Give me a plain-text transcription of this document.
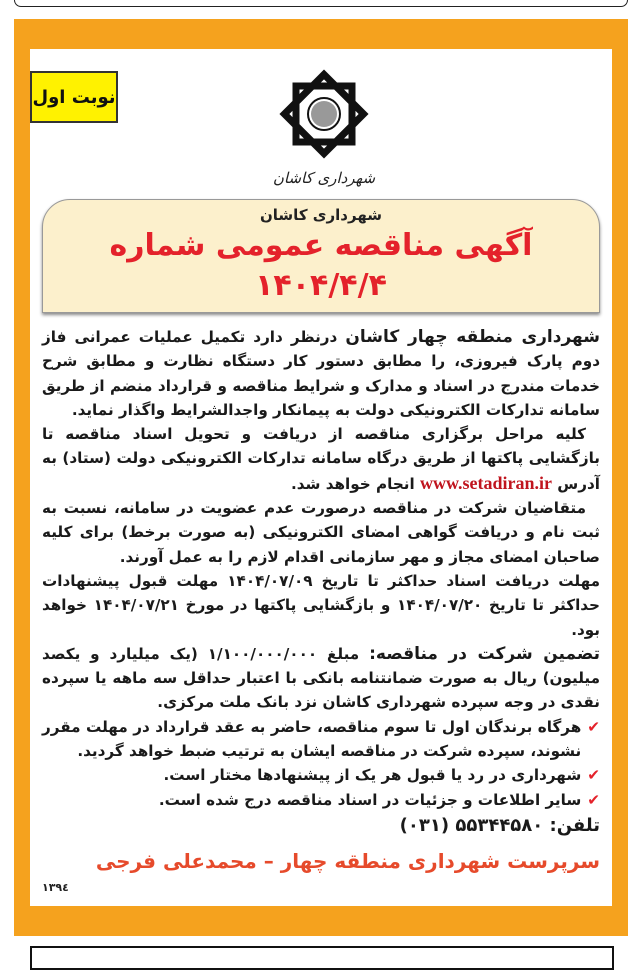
نوبت اول
شهرداری کاشان
شهرداری کاشان
آگهی مناقصه عمومی شماره ۱۴۰۴/۴/۴

شهرداری منطقه چهار کاشان درنظر دارد تکمیل عملیات عمرانی فاز دوم پارک فیروزی، را مطابق دستور کار دستگاه نظارت و مطابق شرح خدمات مندرج در اسناد و مدارک و شرایط مناقصه و قرارداد منضم از طریق سامانه تدارکات الکترونیکی دولت به پیمانکار واجدالشرایط واگذار نماید.

کلیه مراحل برگزاری مناقصه از دریافت و تحویل اسناد مناقصه تا بازگشایی پاکتها از طریق درگاه سامانه تدارکات الکترونیکی دولت (ستاد) به آدرس www.setadiran.ir انجام خواهد شد.

متقاضیان شرکت در مناقصه درصورت عدم عضویت در سامانه، نسبت به ثبت نام و دریافت گواهی امضای الکترونیکی (به صورت برخط) برای کلیه صاحبان امضای مجاز و مهر سازمانی اقدام لازم را به عمل آورند.

مهلت دریافت اسناد حداکثر تا تاریخ ۱۴۰۴/۰۷/۰۹ مهلت قبول پیشنهادات حداکثر تا تاریخ ۱۴۰۴/۰۷/۲۰ و بازگشایی پاکتها در مورخ ۱۴۰۴/۰۷/۲۱ خواهد بود.

تضمین شرکت در مناقصه: مبلغ ۱/۱۰۰/۰۰۰/۰۰۰ (یک میلیارد و یکصد میلیون) ریال به صورت ضمانتنامه بانکی با اعتبار حداقل سه ماهه یا سپرده نقدی در وجه سپرده شهرداری کاشان نزد بانک ملت مرکزی.

✔
هرگاه برندگان اول تا سوم مناقصه، حاضر به عقد قرارداد در مهلت مقرر نشوند، سپرده شرکت در مناقصه ایشان به ترتیب ضبط خواهد گردید.
✔
شهرداری در رد یا قبول هر یک از پیشنهادها مختار است.
✔
سایر اطلاعات و جزئیات در اسناد مناقصه درج شده است.
تلفن: ۵۵۳۴۴۵۸۰ (۰۳۱)
سرپرست شهرداری منطقه چهار – محمدعلی فرجی
۱۳۹٤
